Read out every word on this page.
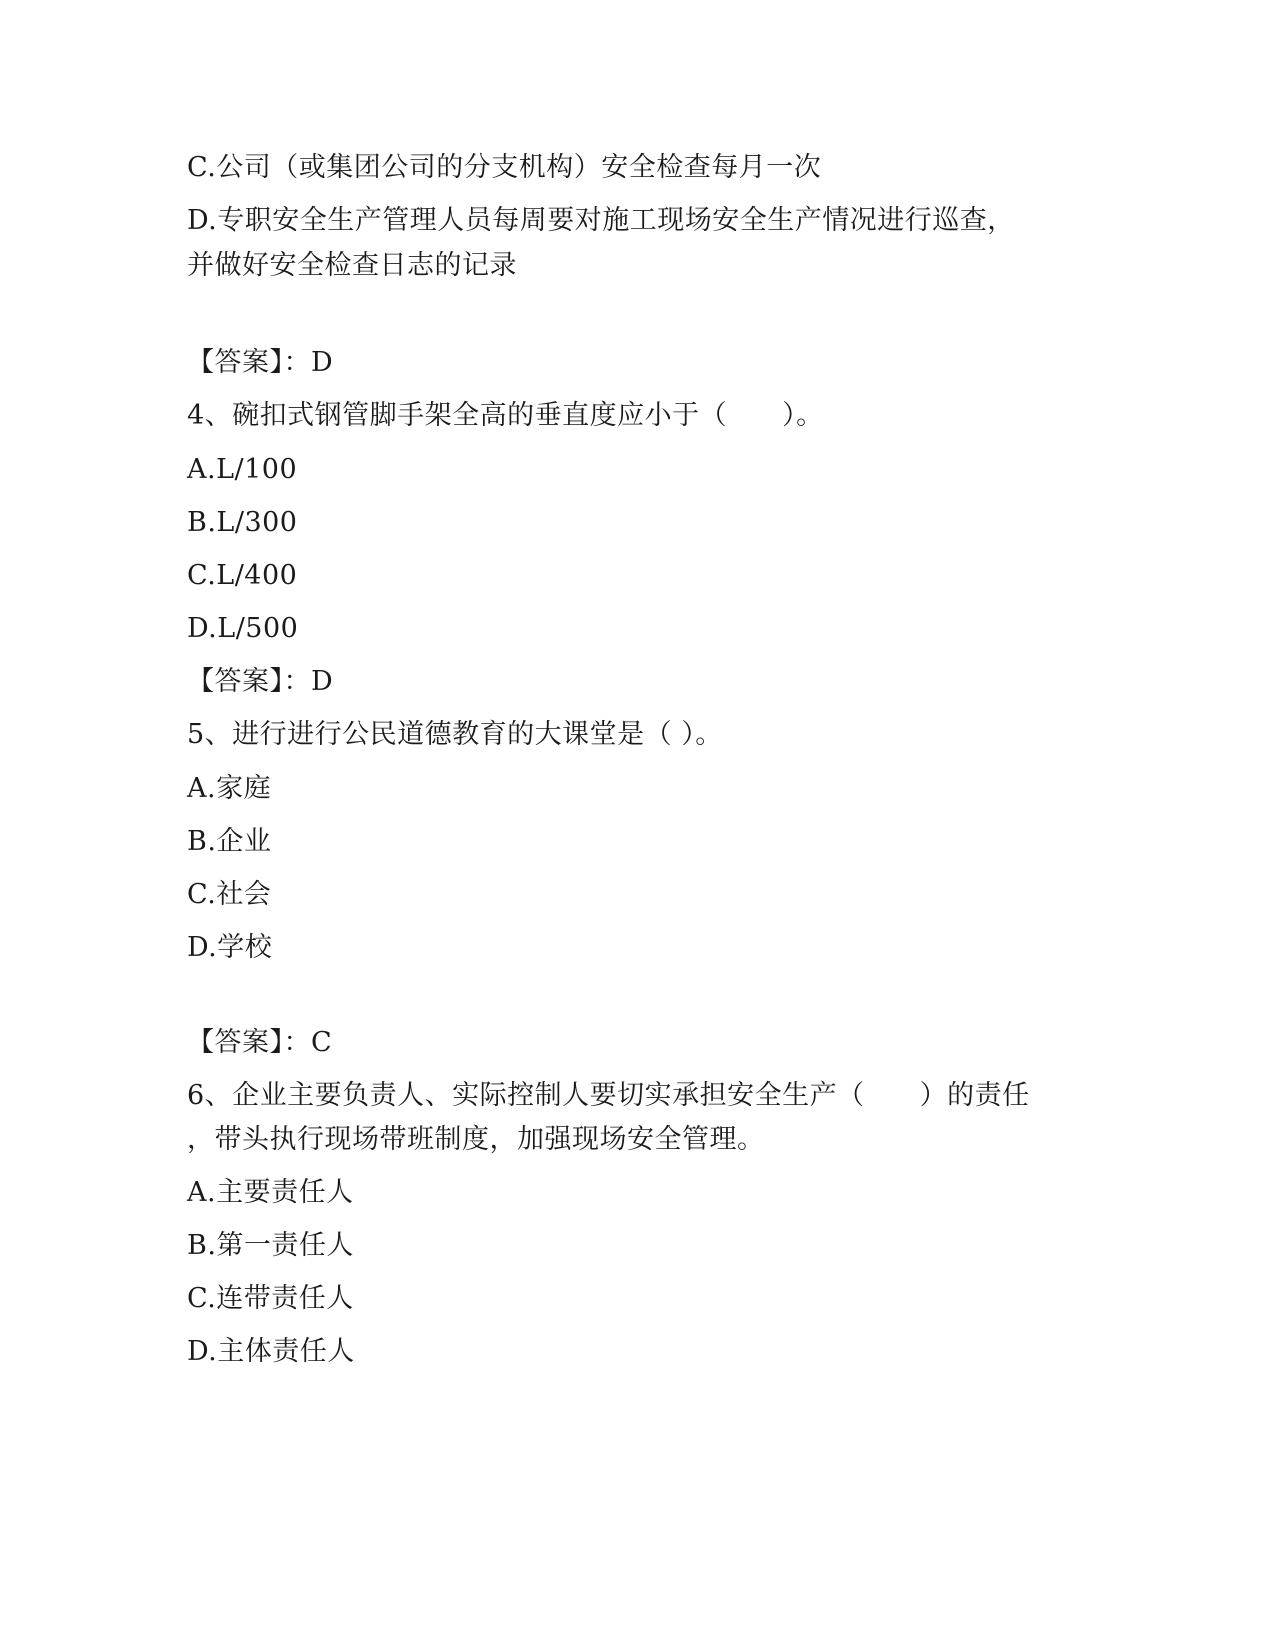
C.公司（或集团公司的分支机构）安全检查每月一次
D.专职安全生产管理人员每周要对施工现场安全生产情况进行巡查，
并做好安全检查日志的记录
【答案】：D
4、碗扣式钢管脚手架全高的垂直度应小于（　　）。
A.L/100
B.L/300
C.L/400
D.L/500
【答案】：D
5、进行进行公民道德教育的大课堂是（ ）。
A.家庭
B.企业
C.社会
D.学校
【答案】：C
6、企业主要负责人、实际控制人要切实承担安全生产（　　）的责任
，带头执行现场带班制度，加强现场安全管理。
A.主要责任人
B.第一责任人
C.连带责任人
D.主体责任人
